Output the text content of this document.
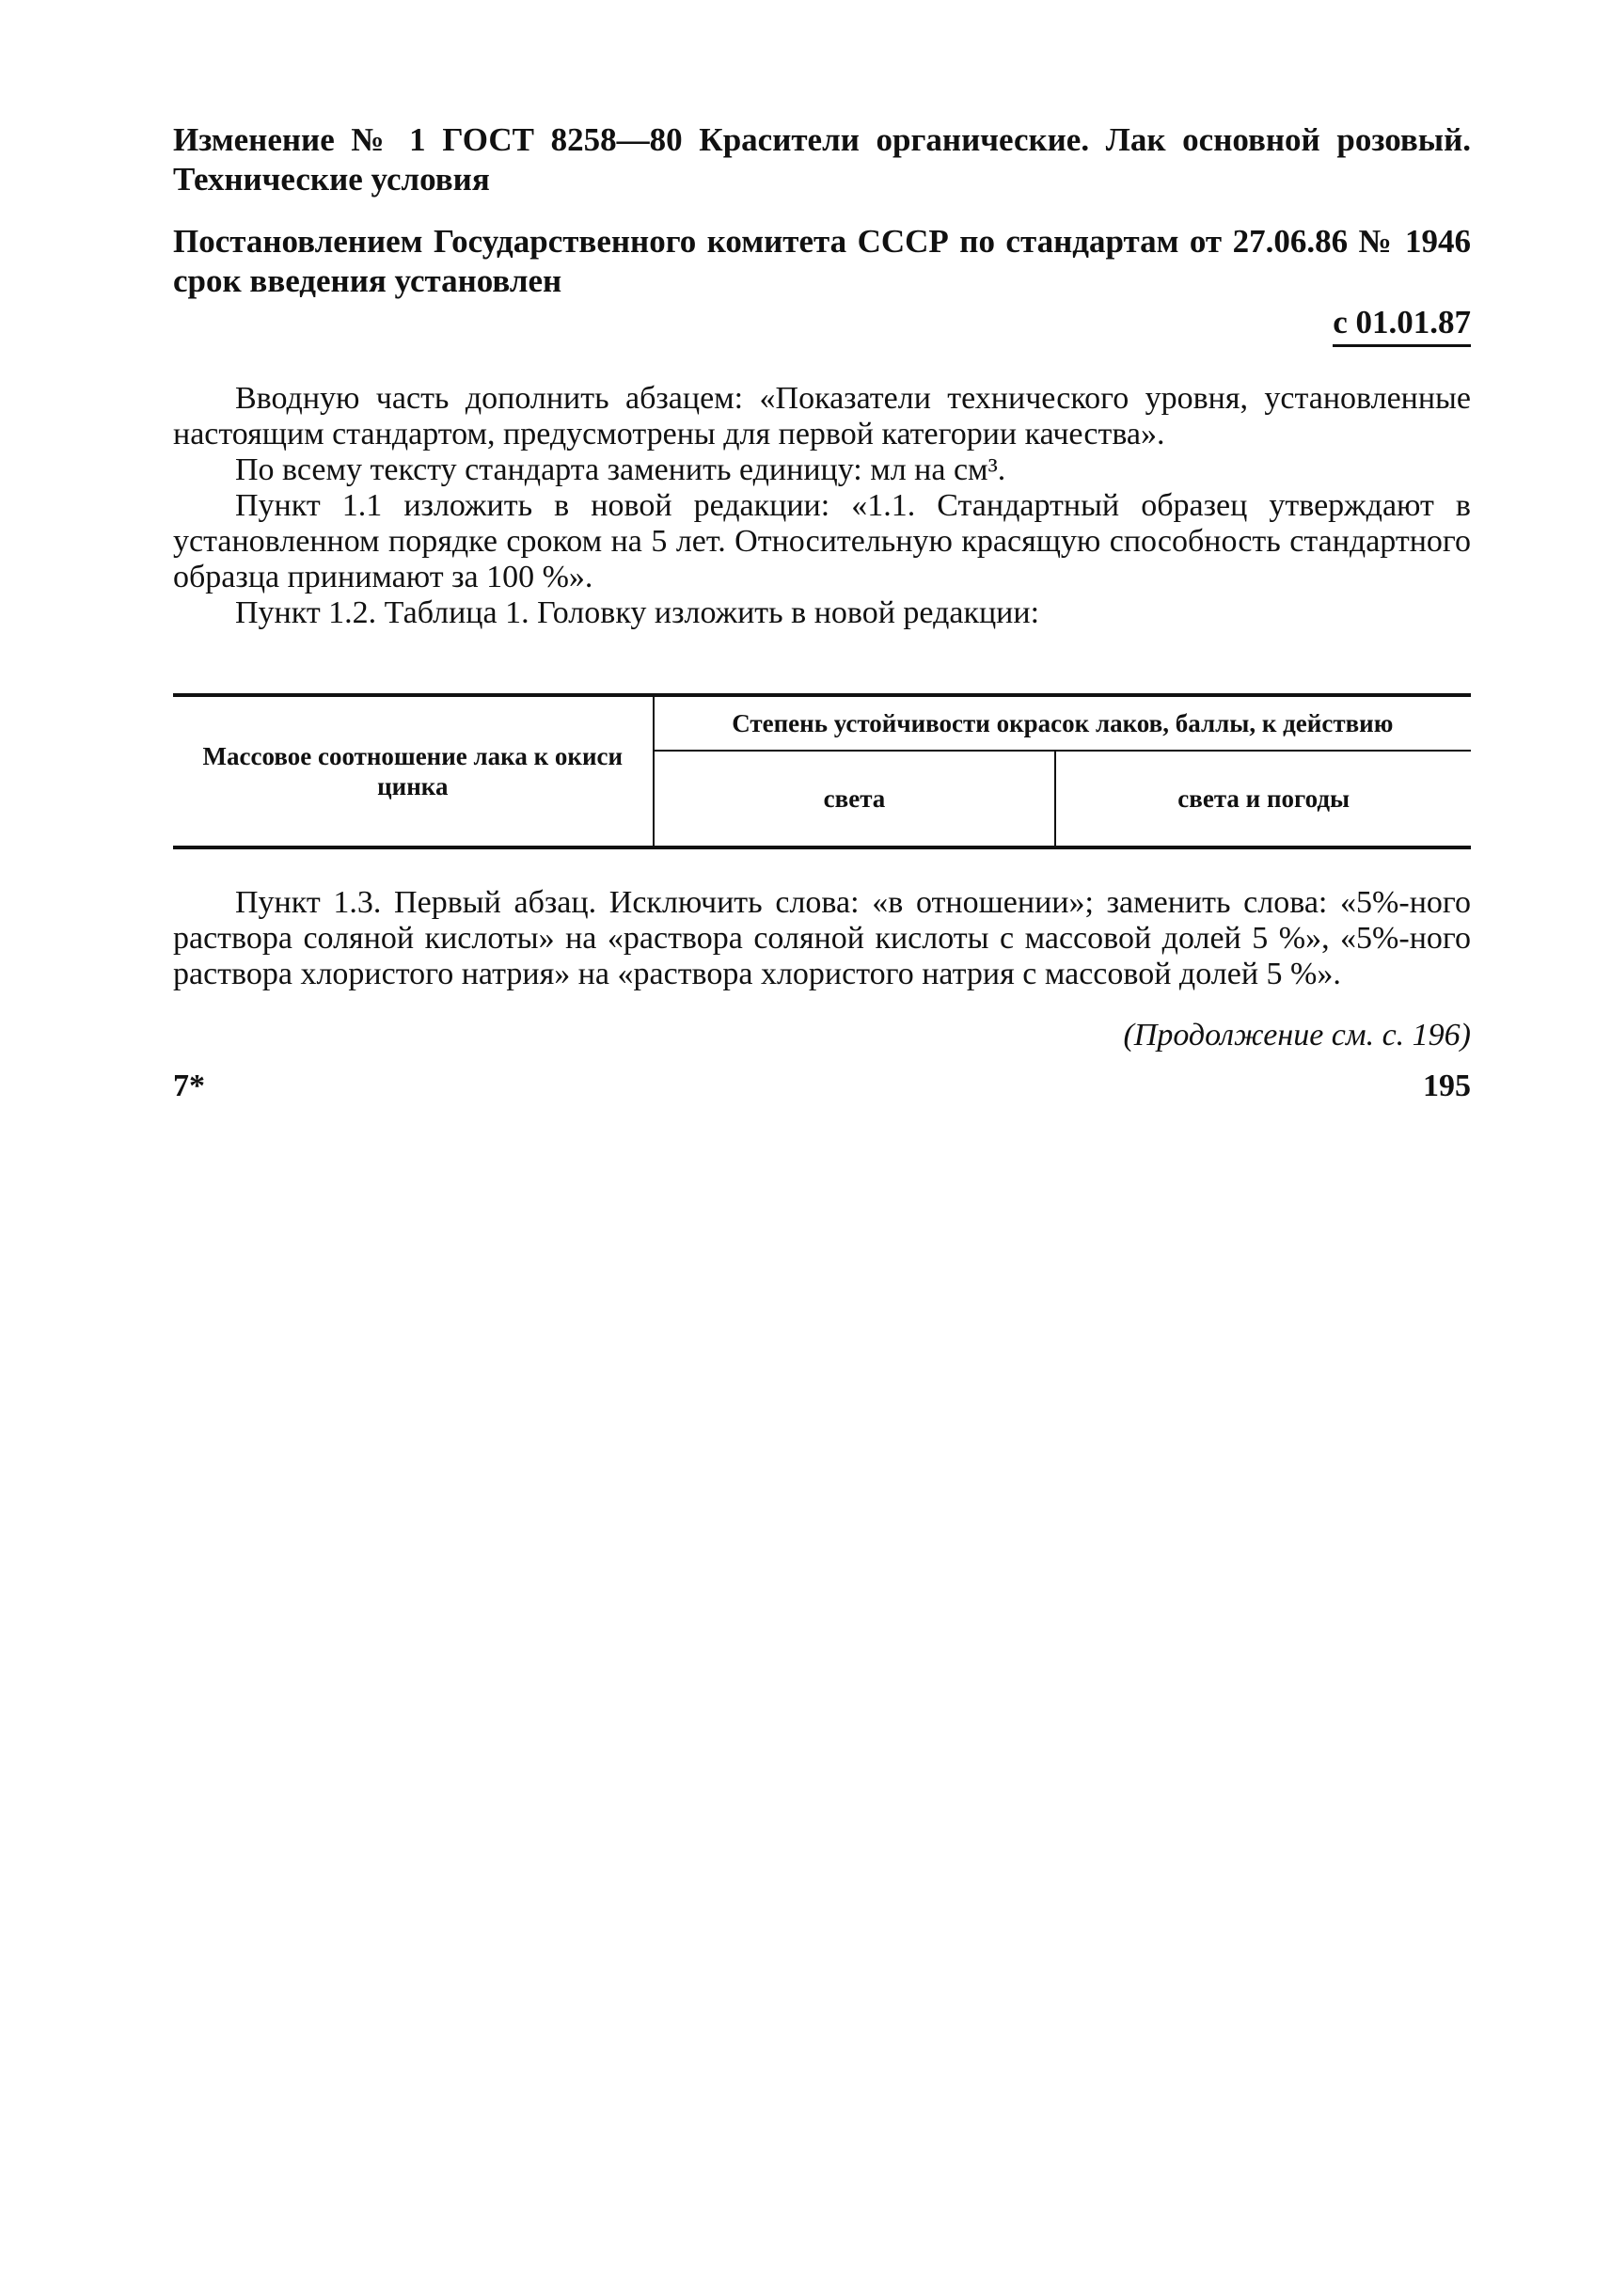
Изменение № 1 ГОСТ 8258—80 Красители органические. Лак основной розовый. Технические условия

Постановлением Государственного комитета СССР по стандартам от 27.06.86 № 1946 срок введения установлен

с 01.01.87

Вводную часть дополнить абзацем: «Показатели технического уровня, установленные настоящим стандартом, предусмотрены для первой категории качества».

По всему тексту стандарта заменить единицу: мл на см³.

Пункт 1.1 изложить в новой редакции: «1.1. Стандартный образец утверждают в установленном порядке сроком на 5 лет. Относительную красящую способность стандартного образца принимают за 100 %».

Пункт 1.2. Таблица 1. Головку изложить в новой редакции:

Массовое соотношение лака к окиси цинка	Степень устойчивости окрасок лаков, баллы, к действию	
	света	света и погоды

Пункт 1.3. Первый абзац. Исключить слова: «в отношении»; заменить слова: «5%-ного раствора соляной кислоты» на «раствора соляной кислоты с массовой долей 5 %», «5%-ного раствора хлористого натрия» на «раствора хлористого натрия с массовой долей 5 %».

(Продолжение см. с. 196)
7*	195
